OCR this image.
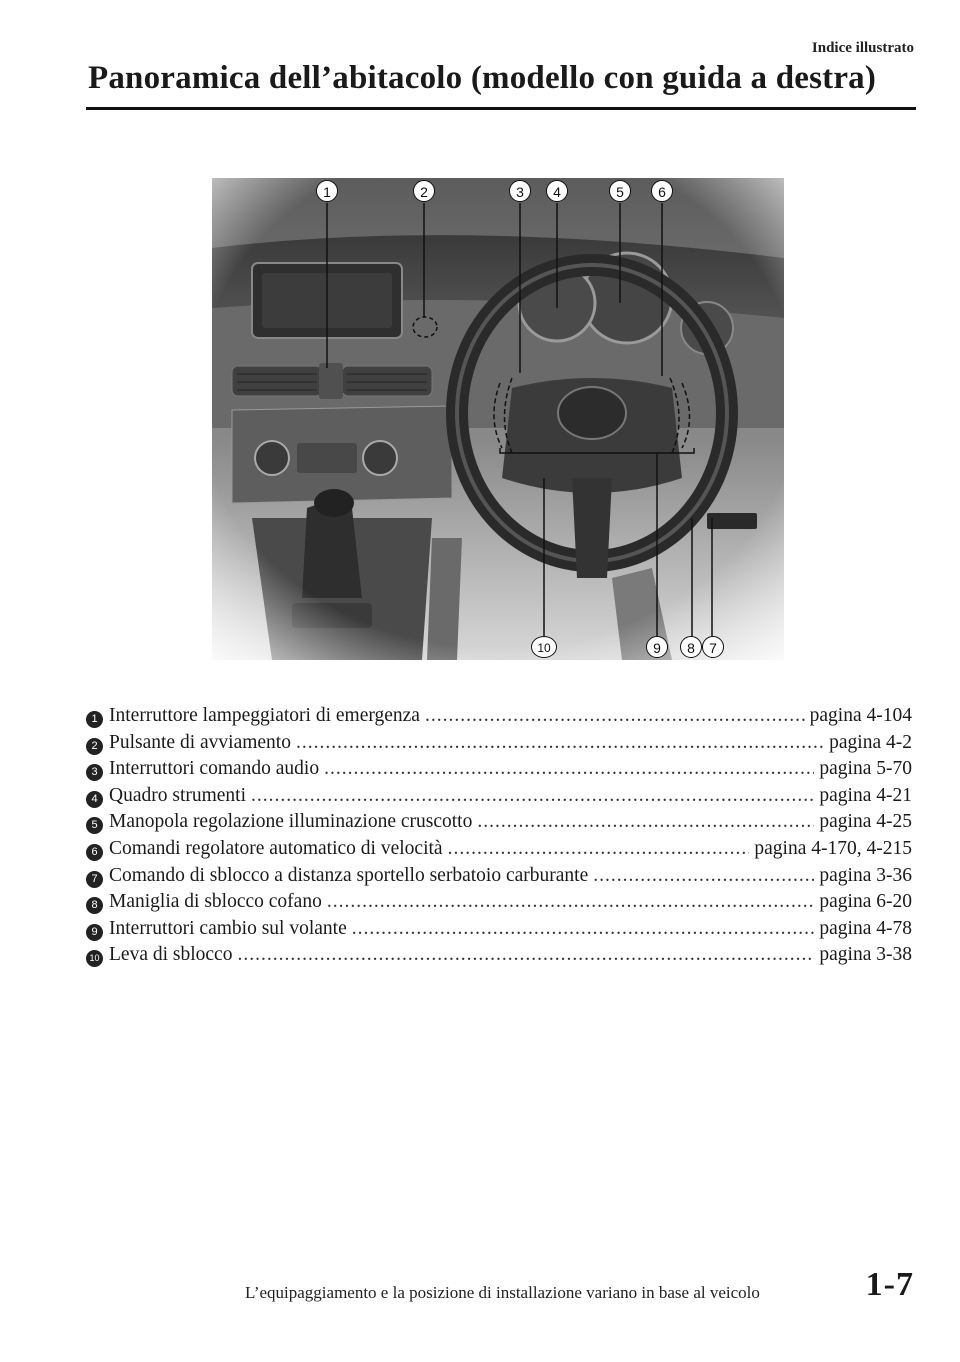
Indice illustrato
Panoramica dell’abitacolo (modello con guida a destra)
1	2	3	4	5	6
10	9	8	7
1 Interruttore lampeggiatori di emergenza .....	pagina 4-104
2 Pulsante di avviamento .....	pagina 4-2
3 Interruttori comando audio .....	pagina 5-70
4 Quadro strumenti .....	pagina 4-21
5 Manopola regolazione illuminazione cruscotto .....	pagina 4-25
6 Comandi regolatore automatico di velocità .....	pagina 4-170, 4-215
7 Comando di sblocco a distanza sportello serbatoio carburante .....	pagina 3-36
8 Maniglia di sblocco cofano .....	pagina 6-20
9 Interruttori cambio sul volante .....	pagina 4-78
10 Leva di sblocco .....	pagina 3-38
L’equipaggiamento e la posizione di installazione variano in base al veicolo	1-7
